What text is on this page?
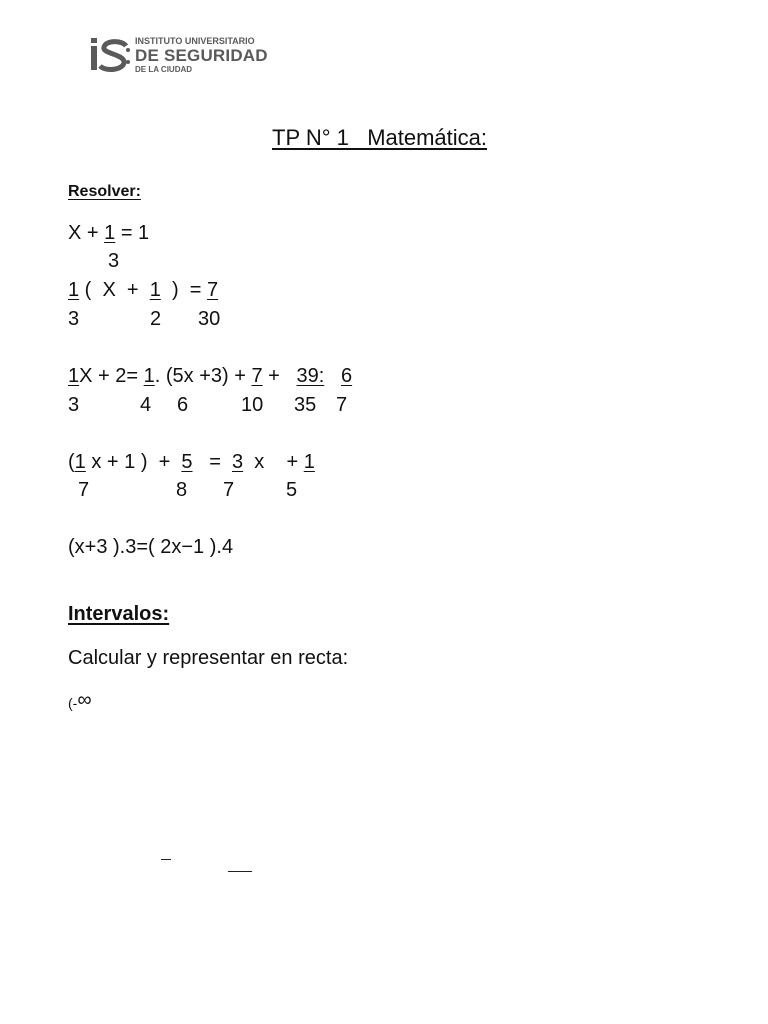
INSTITUTO UNIVERSITARIO
DE SEGURIDAD
DE LA CIUDAD
TP N° 1   Matemática:
Resolver:
X + 1 = 1
3
1 (  X  +  1  )  = 7
3	2 30
1X + 2= 1. (5x +3) + 7 +   39: 6
3	4 6	10 35 7
(1 x + 1 )  +  5   =  3  x    + 1
7	8 7	5
(x+3 ).3=( 2x−1 ).4
Intervalos:
Calcular y representar en recta:
(-∞
